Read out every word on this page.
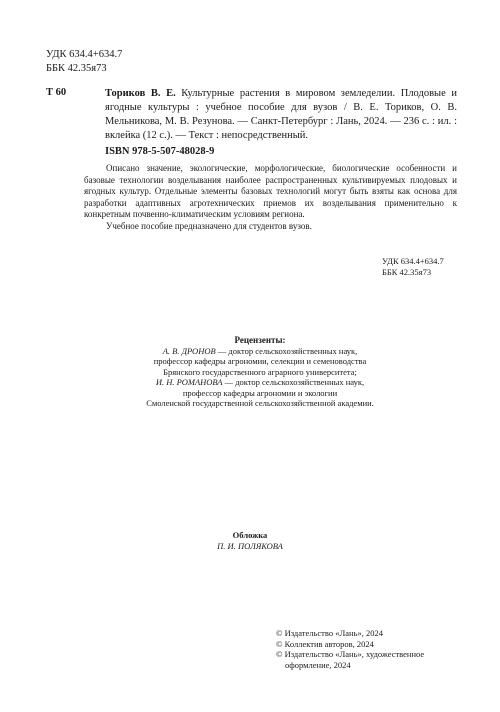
УДК 634.4+634.7
ББК 42.35я73
Т 60	Ториков В. Е. Культурные растения в мировом земледелии. Плодовые и ягодные культуры : учебное пособие для вузов / В. Е. Ториков, О. В. Мельникова, М. В. Резунова. — Санкт-Петербург : Лань, 2024. — 236 с. : ил. : вклейка (12 с.). — Текст : непосредственный.
ISBN 978-5-507-48028-9

Описано значение, экологические, морфологические, биологические особенности и базовые технологии возделывания наиболее распространенных культивируемых плодовых и ягодных культур. Отдельные элементы базовых технологий могут быть взяты как основа для разработки адаптивных агротехнических приемов их возделывания применительно к конкретным почвенно-климатическим условиям региона.

Учебное пособие предназначено для студентов вузов.

УДК 634.4+634.7
ББК 42.35я73
Рецензенты:
А. В. ДРОНОВ — доктор сельскохозяйственных наук,
профессор кафедры агрономии, селекции и семеноводства
Брянского государственного аграрного университета;
И. Н. РОМАНОВА — доктор сельскохозяйственных наук,
профессор кафедры агрономии и экологии
Смоленской государственной сельскохозяйственной академии.
Обложка
П. И. ПОЛЯКОВА
© Издательство «Лань», 2024
© Коллектив авторов, 2024
© Издательство «Лань», художественное
оформление, 2024
